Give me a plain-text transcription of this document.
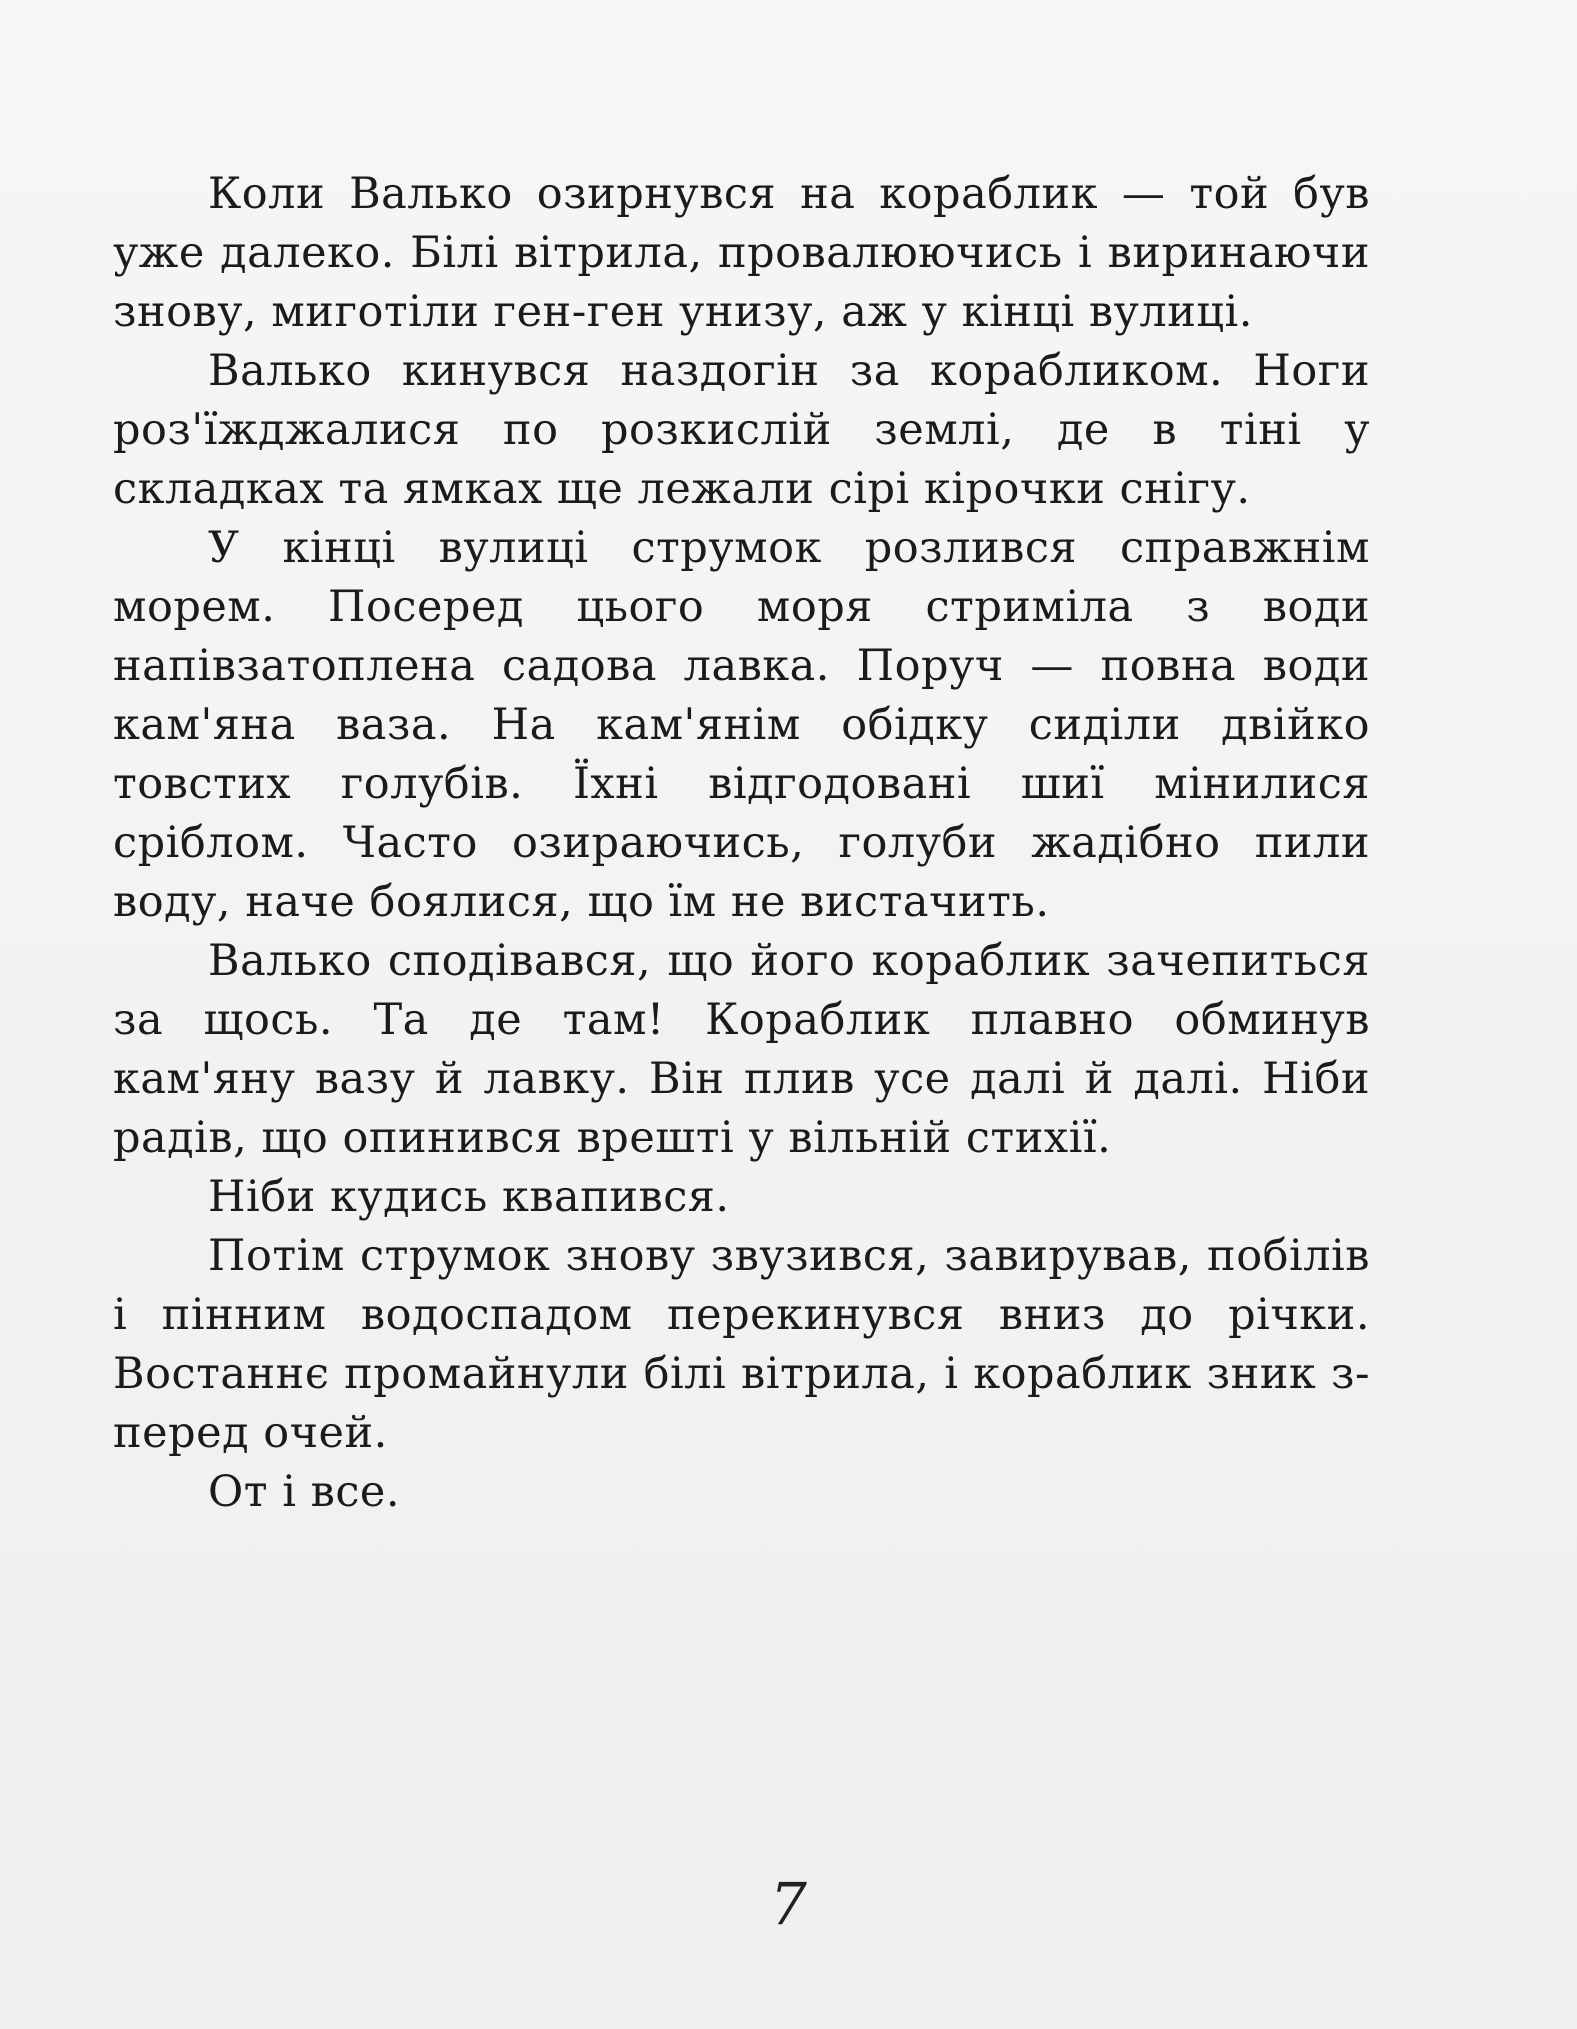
Коли Валько озирнувся на кораблик — той був уже далеко. Білі вітрила, провалюючись і виринаючи знову, миготіли ген-ген унизу, аж у кінці вулиці.

Валько кинувся наздогін за корабликом. Ноги роз'їжджалися по розкислій землі, де в тіні у складках та ямках ще лежали сірі кірочки снігу.

У кінці вулиці струмок розлився справжнім морем. Посеред цього моря стриміла з води напівзатоплена садова лавка. Поруч — повна води кам'яна ваза. На кам'янім обідку сиділи двійко товстих голубів. Їхні відгодовані шиї мінилися сріблом. Часто озираючись, голуби жадібно пили воду, наче боялися, що їм не вистачить.

Валько сподівався, що його кораблик зачепиться за щось. Та де там! Кораблик плавно обминув кам'яну вазу й лавку. Він плив усе далі й далі. Ніби радів, що опинився врешті у вільній стихії.

Ніби кудись квапився.

Потім струмок знову звузився, завирував, побілів і пінним водоспадом перекинувся вниз до річки. Востаннє промайнули білі вітрила, і кораблик зник з-перед очей.

От і все.

7
